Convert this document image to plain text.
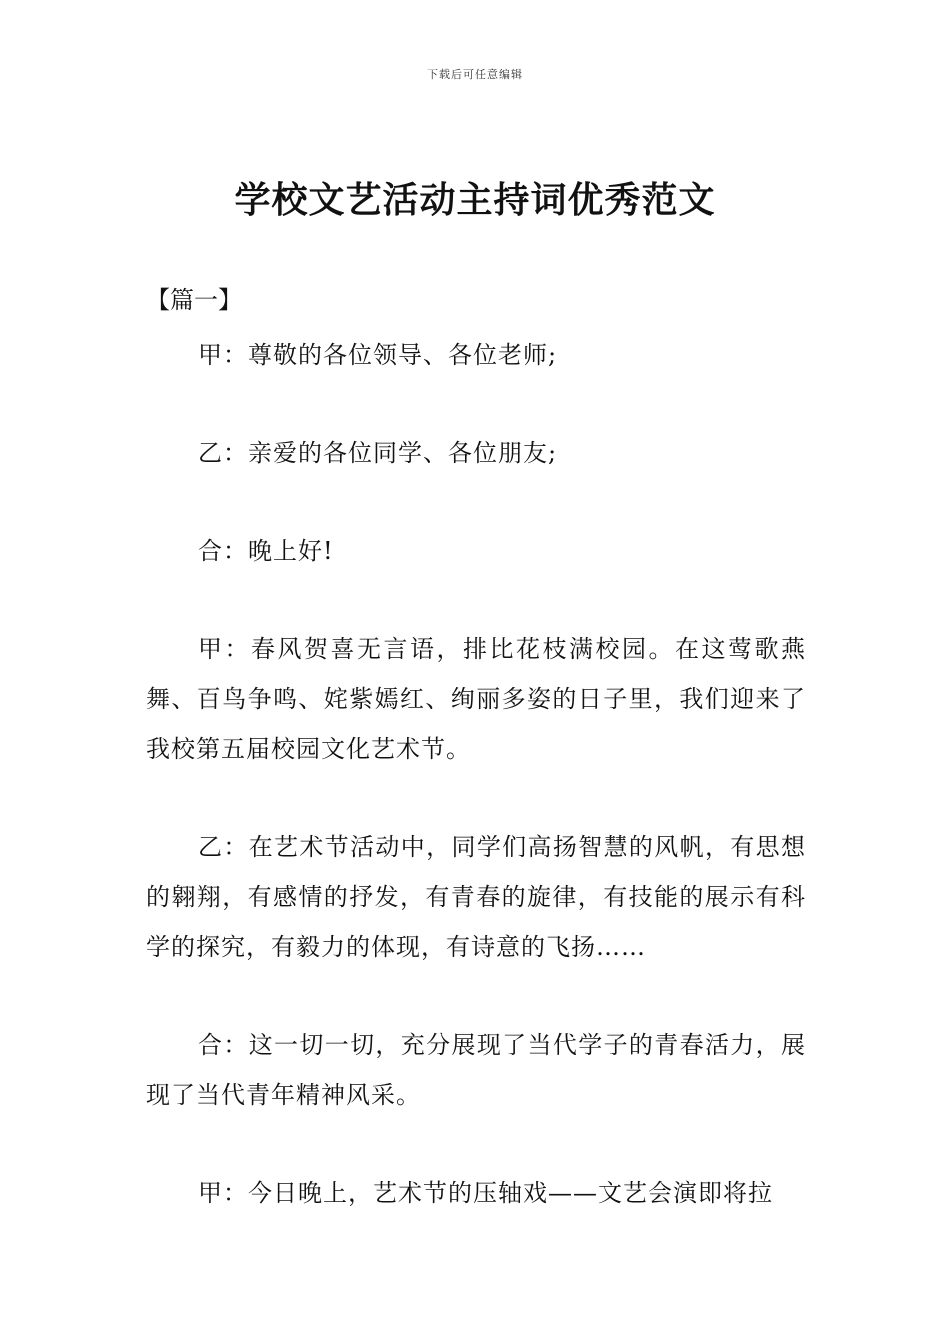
下载后可任意编辑
学校文艺活动主持词优秀范文
【篇一】

甲：尊敬的各位领导、各位老师;

乙：亲爱的各位同学、各位朋友;

合：晚上好!

甲：春风贺喜无言语，排比花枝满校园。在这莺歌燕舞、百鸟争鸣、姹紫嫣红、绚丽多姿的日子里，我们迎来了我校第五届校园文化艺术节。

乙：在艺术节活动中，同学们高扬智慧的风帆，有思想的翱翔，有感情的抒发，有青春的旋律，有技能的展示有科学的探究，有毅力的体现，有诗意的飞扬……

合：这一切一切，充分展现了当代学子的青春活力，展现了当代青年精神风采。

甲：今日晚上，艺术节的压轴戏——文艺会演即将拉
